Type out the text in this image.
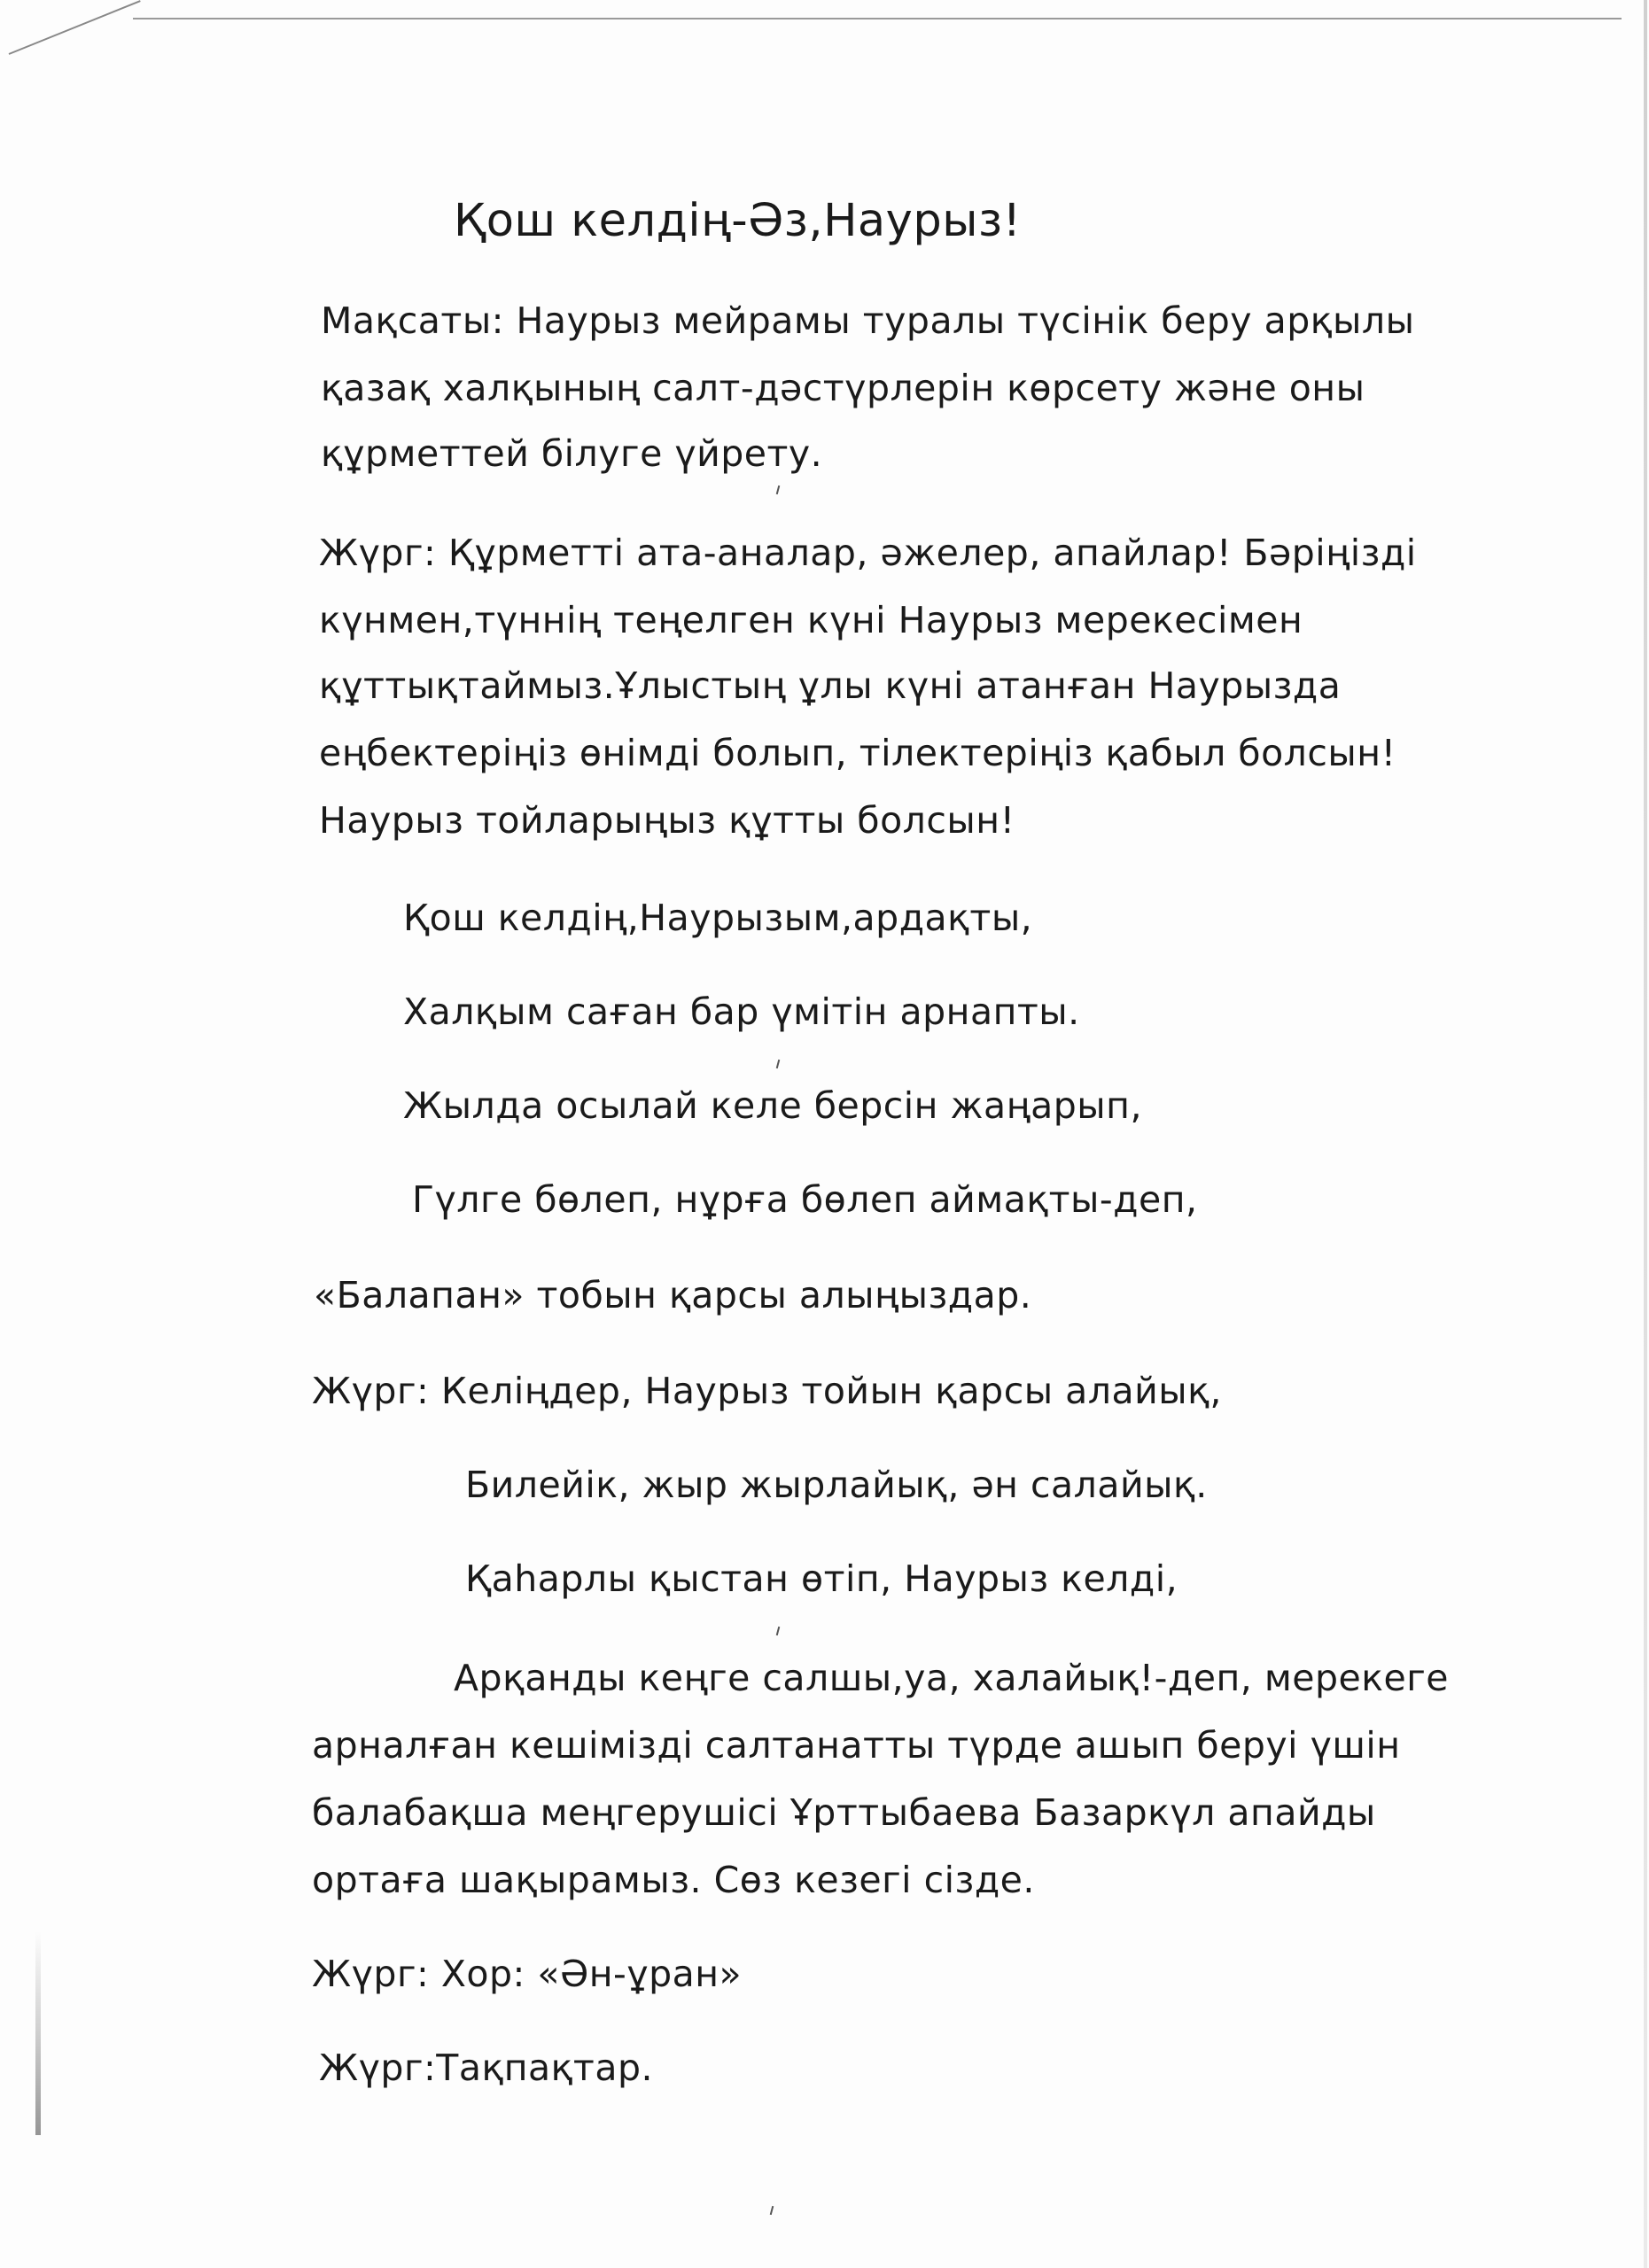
Қош келдің-Әз,Наурыз!
Мақсаты: Наурыз мейрамы туралы түсінік беру арқылы
қазақ халқының салт-дәстүрлерін көрсету және оны
құрметтей білуге үйрету.
Жүрг: Құрметті ата-аналар, әжелер, апайлар! Бәріңізді
күнмен,түннің теңелген күні Наурыз мерекесімен
құттықтаймыз.Ұлыстың ұлы күні атанған Наурызда
еңбектеріңіз өнімді болып, тілектеріңіз қабыл болсын!
Наурыз тойларыңыз құтты болсын!
Қош келдің,Наурызым,ардақты,
Халқым саған бар үмітін арнапты.
Жылда осылай келе берсін жаңарып,
Гүлге бөлеп, нұрға бөлеп аймақты-деп,
«Балапан» тобын қарсы алыңыздар.
Жүрг: Келіңдер, Наурыз тойын қарсы алайық,
Билейік, жыр жырлайық, ән салайық.
Қаһарлы қыстан өтіп, Наурыз келді,
Арқанды кеңге салшы,уа, халайық!-деп, мерекеге
арналған кешімізді салтанатты түрде ашып беруі үшін
балабақша меңгерушісі Ұрттыбаева Базаркүл апайды
ортаға шақырамыз. Сөз кезегі сізде.
Жүрг: Хор: «Ән-ұран»
Жүрг:Тақпақтар.
